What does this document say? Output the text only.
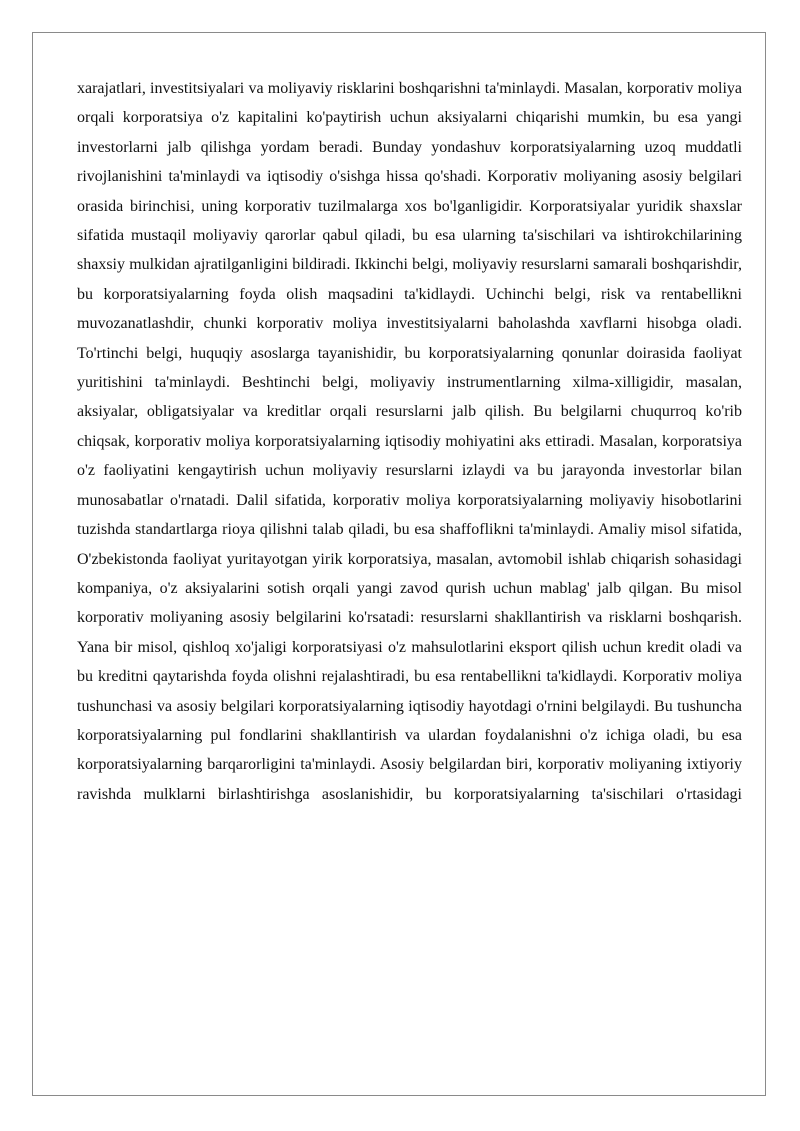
xarajatlari, investitsiyalari va moliyaviy risklarini boshqarishni ta'minlaydi. Masalan, korporativ moliya orqali korporatsiya o'z kapitalini ko'paytirish uchun aksiyalarni chiqarishi mumkin, bu esa yangi investorlarni jalb qilishga yordam beradi. Bunday yondashuv korporatsiyalarning uzoq muddatli rivojlanishini ta'minlaydi va iqtisodiy o'sishga hissa qo'shadi. Korporativ moliyaning asosiy belgilari orasida birinchisi, uning korporativ tuzilmalarga xos bo'lganligidir. Korporatsiyalar yuridik shaxslar sifatida mustaqil moliyaviy qarorlar qabul qiladi, bu esa ularning ta'sischilari va ishtirokchilarining shaxsiy mulkidan ajratilganligini bildiradi. Ikkinchi belgi, moliyaviy resurslarni samarali boshqarishdir, bu korporatsiyalarning foyda olish maqsadini ta'kidlaydi. Uchinchi belgi, risk va rentabellikni muvozanatlashdir, chunki korporativ moliya investitsiyalarni baholashda xavflarni hisobga oladi. To'rtinchi belgi, huquqiy asoslarga tayanishidir, bu korporatsiyalarning qonunlar doirasida faoliyat yuritishini ta'minlaydi. Beshtinchi belgi, moliyaviy instrumentlarning xilma-xilligidir, masalan, aksiyalar, obligatsiyalar va kreditlar orqali resurslarni jalb qilish. Bu belgilarni chuqurroq ko'rib chiqsak, korporativ moliya korporatsiyalarning iqtisodiy mohiyatini aks ettiradi. Masalan, korporatsiya o'z faoliyatini kengaytirish uchun moliyaviy resurslarni izlaydi va bu jarayonda investorlar bilan munosabatlar o'rnatadi. Dalil sifatida, korporativ moliya korporatsiyalarning moliyaviy hisobotlarini tuzishda standartlarga rioya qilishni talab qiladi, bu esa shaffoflikni ta'minlaydi. Amaliy misol sifatida, O'zbekistonda faoliyat yuritayotgan yirik korporatsiya, masalan, avtomobil ishlab chiqarish sohasidagi kompaniya, o'z aksiyalarini sotish orqali yangi zavod qurish uchun mablag' jalb qilgan. Bu misol korporativ moliyaning asosiy belgilarini ko'rsatadi: resurslarni shakllantirish va risklarni boshqarish. Yana bir misol, qishloq xo'jaligi korporatsiyasi o'z mahsulotlarini eksport qilish uchun kredit oladi va bu kreditni qaytarishda foyda olishni rejalashtiradi, bu esa rentabellikni ta'kidlaydi. Korporativ moliya tushunchasi va asosiy belgilari korporatsiyalarning iqtisodiy hayotdagi o'rnini belgilaydi. Bu tushuncha korporatsiyalarning pul fondlarini shakllantirish va ulardan foydalanishni o'z ichiga oladi, bu esa korporatsiyalarning barqarorligini ta'minlaydi. Asosiy belgilardan biri, korporativ moliyaning ixtiyoriy ravishda mulklarni birlashtirishga asoslanishidir, bu korporatsiyalarning ta'sischilari o'rtasidagi
